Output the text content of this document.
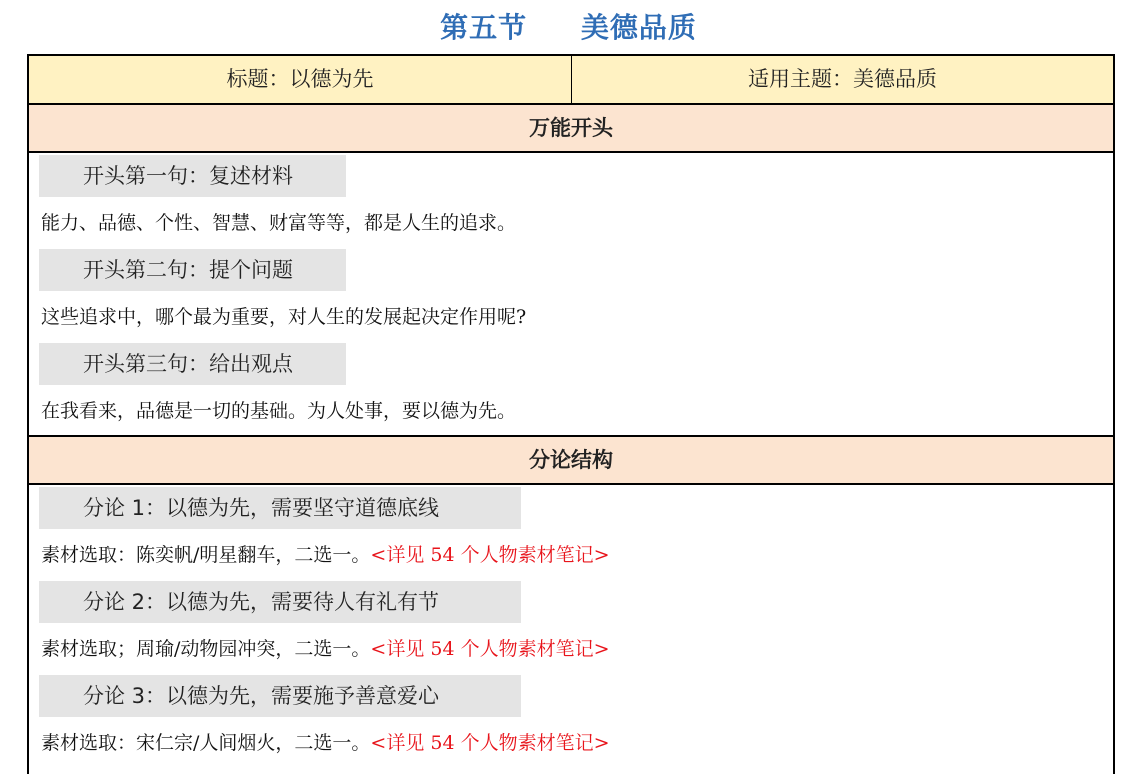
第五节     美德品质
标题：以德为先	适用主题：美德品质
万能开头
开头第一句：复述材料
能力、品德、个性、智慧、财富等等，都是人生的追求。
开头第二句：提个问题
这些追求中，哪个最为重要，对人生的发展起决定作用呢?
开头第三句：给出观点
在我看来，品德是一切的基础。为人处事，要以德为先。
分论结构
分论 1：以德为先，需要坚守道德底线
素材选取：陈奕帆/明星翻车，二选一。<详见 54 个人物素材笔记>
分论 2：以德为先，需要待人有礼有节
素材选取；周瑜/动物园冲突，二选一。<详见 54 个人物素材笔记>
分论 3：以德为先，需要施予善意爱心
素材选取：宋仁宗/人间烟火，二选一。<详见 54 个人物素材笔记>
